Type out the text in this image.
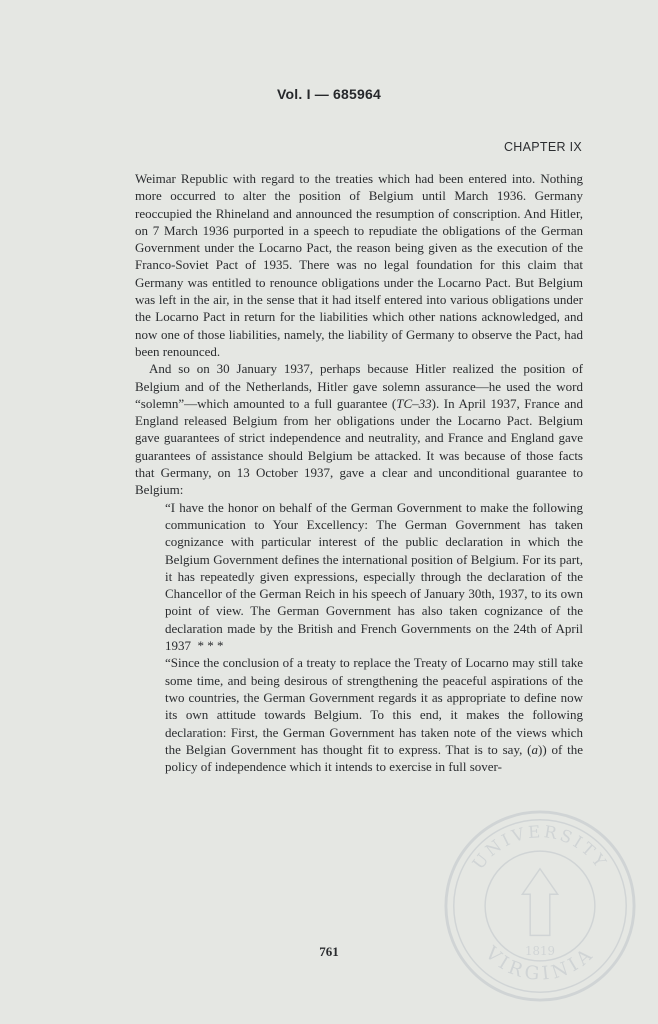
Vol. I — 685964
CHAPTER IX

Weimar Republic with regard to the treaties which had been entered into. Nothing more occurred to alter the position of Belgium until March 1936. Germany reoccupied the Rhineland and announced the resumption of conscription. And Hitler, on 7 March 1936 purported in a speech to repudiate the obligations of the German Government under the Locarno Pact, the reason being given as the execution of the Franco-Soviet Pact of 1935. There was no legal foundation for this claim that Germany was entitled to renounce obligations under the Locarno Pact. But Belgium was left in the air, in the sense that it had itself entered into various obligations under the Locarno Pact in return for the liabilities which other nations acknowledged, and now one of those liabilities, namely, the liability of Germany to observe the Pact, had been renounced.

And so on 30 January 1937, perhaps because Hitler realized the position of Belgium and of the Netherlands, Hitler gave solemn assurance—he used the word “solemn”—which amounted to a full guarantee (TC–33). In April 1937, France and England released Belgium from her obligations under the Locarno Pact. Belgium gave guarantees of strict independence and neutrality, and France and England gave guarantees of assistance should Belgium be attacked. It was because of those facts that Germany, on 13 October 1937, gave a clear and unconditional guarantee to Belgium:

“I have the honor on behalf of the German Government to make the following communication to Your Excellency: The German Government has taken cognizance with particular interest of the public declaration in which the Belgium Government defines the international position of Belgium. For its part, it has repeatedly given expressions, especially through the declaration of the Chancellor of the German Reich in his speech of January 30th, 1937, to its own point of view. The German Government has also taken cognizance of the declaration made by the British and French Governments on the 24th of April 1937 * * *

“Since the conclusion of a treaty to replace the Treaty of Locarno may still take some time, and being desirous of strengthening the peaceful aspirations of the two countries, the German Government regards it as appropriate to define now its own attitude towards Belgium. To this end, it makes the following declaration: First, the German Government has taken note of the views which the Belgian Government has thought fit to express. That is to say, (a)) of the policy of independence which it intends to exercise in full sover-

761
UNIVERSITY
VIRGINIA
1819
